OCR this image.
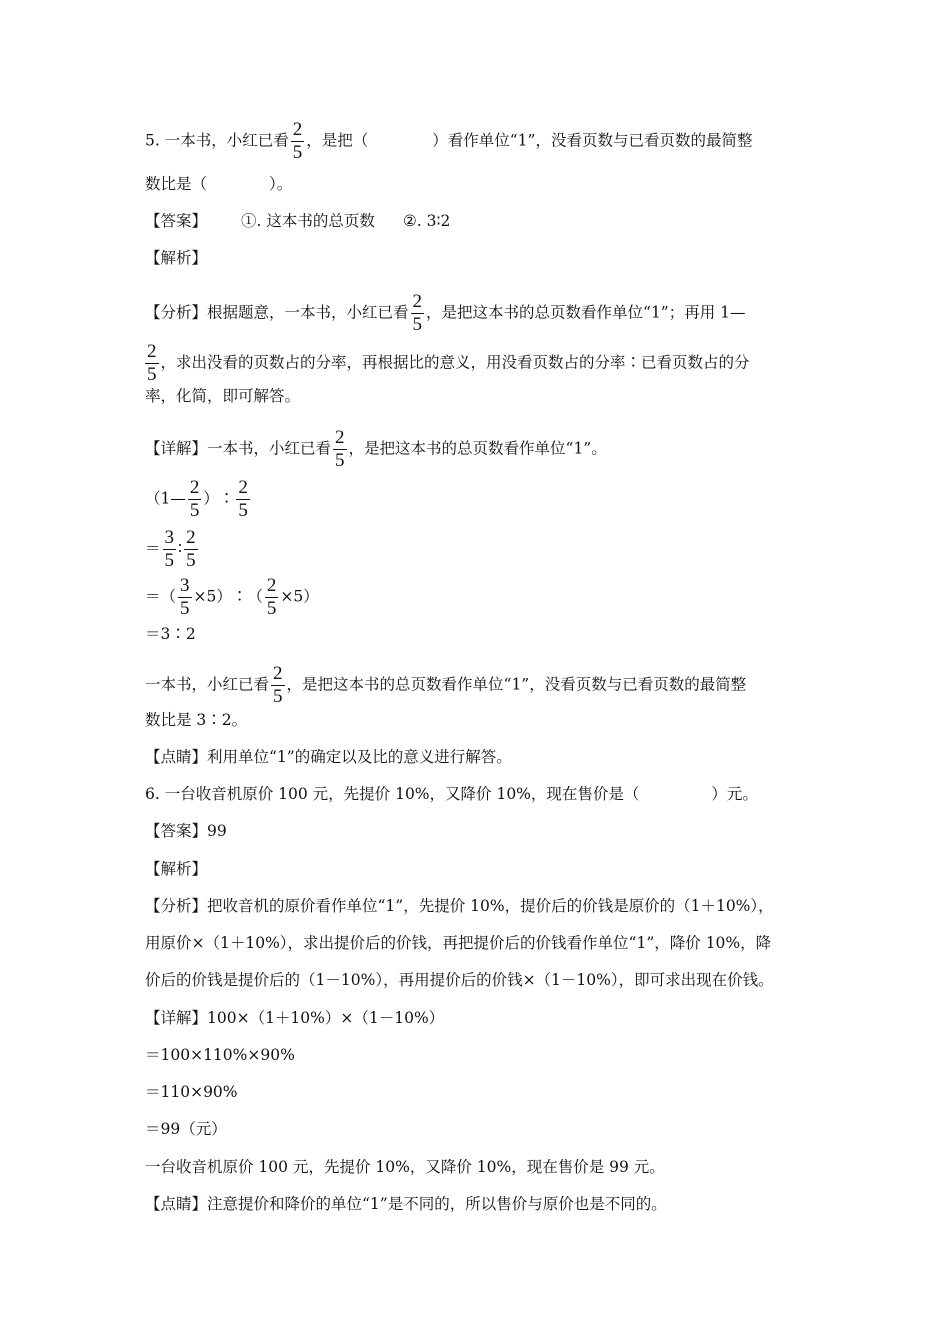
5. 一本书，小红已看 $\frac{2}{5}$ ，是把（	）看作单位“1”，没看页数与已看页数的最简整
数比是（	）。
【答案】 ①. 这本书的总页数 ②. 3∶2
【解析】
【分析】根据题意，一本书，小红已看 $\frac{2}{5}$ ，是把这本书的总页数看作单位“1”；再用 1—
$\frac{2}{5}$ ，求出没看的页数占的分率，再根据比的意义，用没看页数占的分率∶已看页数占的分
率，化简，即可解答。
【详解】一本书，小红已看 $\frac{2}{5}$ ，是把这本书的总页数看作单位“1”。
（1— $\frac{2}{5}$ ）∶ $\frac{2}{5}$
＝ $\frac{3}{5}$ ∶ $\frac{2}{5}$
＝（ $\frac{3}{5}$ ×5）∶（ $\frac{2}{5} \times 5$）
＝3∶2
一本书，小红已看 $\frac{2}{5}$ ，是把这本书的总页数看作单位“1”，没看页数与已看页数的最简整
数比是 3∶2。
【点睛】利用单位“1”的确定以及比的意义进行解答。
6. 一台收音机原价 100 元，先提价 10%，又降价 10%，现在售价是（	）元。
【答案】99
【解析】
【分析】把收音机的原价看作单位“1”，先提价 10%，提价后的价钱是原价的（1＋10%），
用原价×（1＋10%），求出提价后的价钱，再把提价后的价钱看作单位“1”，降价 10%，降
价后的价钱是提价后的（1－10%），再用提价后的价钱×（1－10%），即可求出现在价钱。
【详解】100×（1＋10%）×（1－10%）
＝100×110%×90%
＝110×90%
＝99（元）
一台收音机原价 100 元，先提价 10%，又降价 10%，现在售价是 99 元。
【点睛】注意提价和降价的单位“1”是不同的，所以售价与原价也是不同的。
